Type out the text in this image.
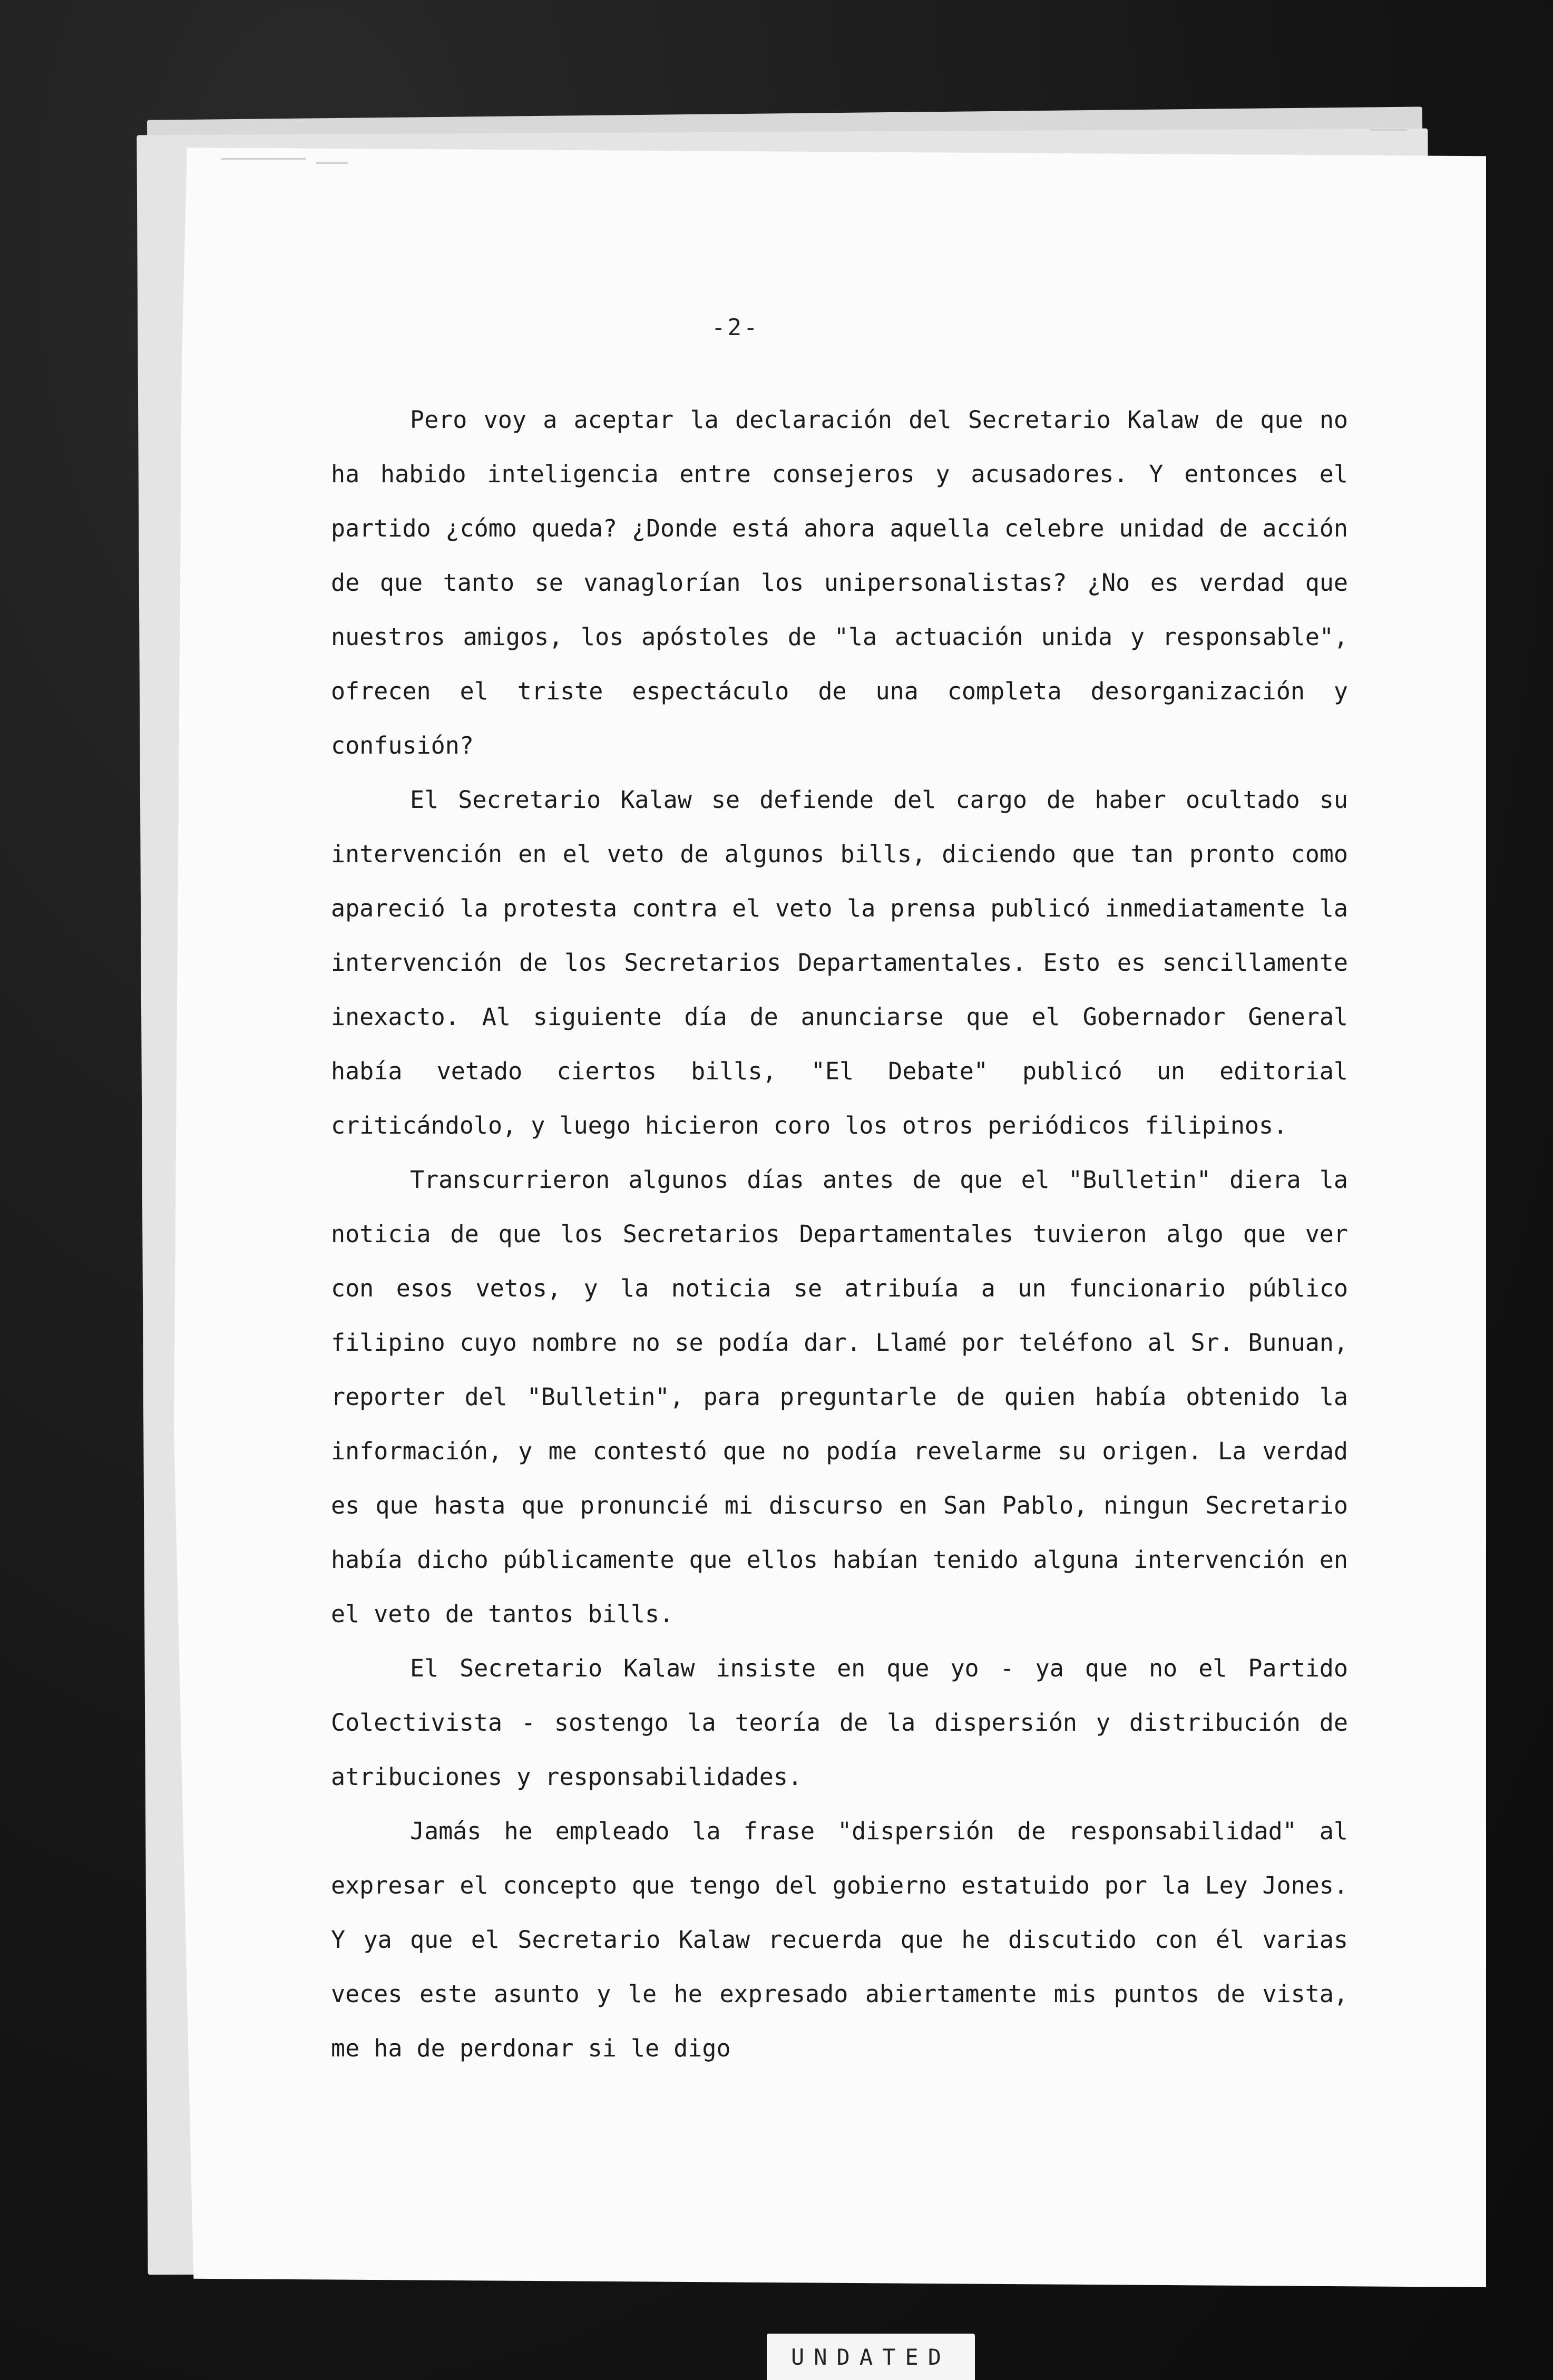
-2-

Pero voy a aceptar la declaración del Secretario Kalaw de que no ha habido inteligencia entre consejeros y acusadores. Y entonces el partido ¿cómo queda? ¿Donde está ahora aquella celebre unidad de acción de que tanto se vanaglorían los unipersonalistas? ¿No es verdad que nuestros amigos, los apóstoles de "la actuación unida y responsable", ofrecen el triste espectáculo de una completa desorganización y confusión?

El Secretario Kalaw se defiende del cargo de haber ocultado su intervención en el veto de algunos bills, diciendo que tan pronto como apareció la protesta contra el veto la prensa publicó inmediatamente la intervención de los Secretarios Departamentales. Esto es sencillamente inexacto. Al siguiente día de anunciarse que el Gobernador General había vetado ciertos bills, "El Debate" publicó un editorial criticándolo, y luego hicieron coro los otros periódicos filipinos.

Transcurrieron algunos días antes de que el "Bulletin" diera la noticia de que los Secretarios Departamentales tuvieron algo que ver con esos vetos, y la noticia se atribuía a un funcionario público filipino cuyo nombre no se podía dar. Llamé por teléfono al Sr. Bunuan, reporter del "Bulletin", para preguntarle de quien había obtenido la información, y me contestó que no podía revelarme su origen. La verdad es que hasta que pronuncié mi discurso en San Pablo, ningun Secretario había dicho públicamente que ellos habían tenido alguna intervención en el veto de tantos bills.

El Secretario Kalaw insiste en que yo - ya que no el Partido Colectivista - sostengo la teoría de la dispersión y distribución de atribuciones y responsabilidades.

Jamás he empleado la frase "dispersión de responsabilidad" al expresar el concepto que tengo del gobierno estatuido por la Ley Jones. Y ya que el Secretario Kalaw recuerda que he discutido con él varias veces este asunto y le he expresado abiertamente mis puntos de vista, me ha de perdonar si le digo

UNDATED
